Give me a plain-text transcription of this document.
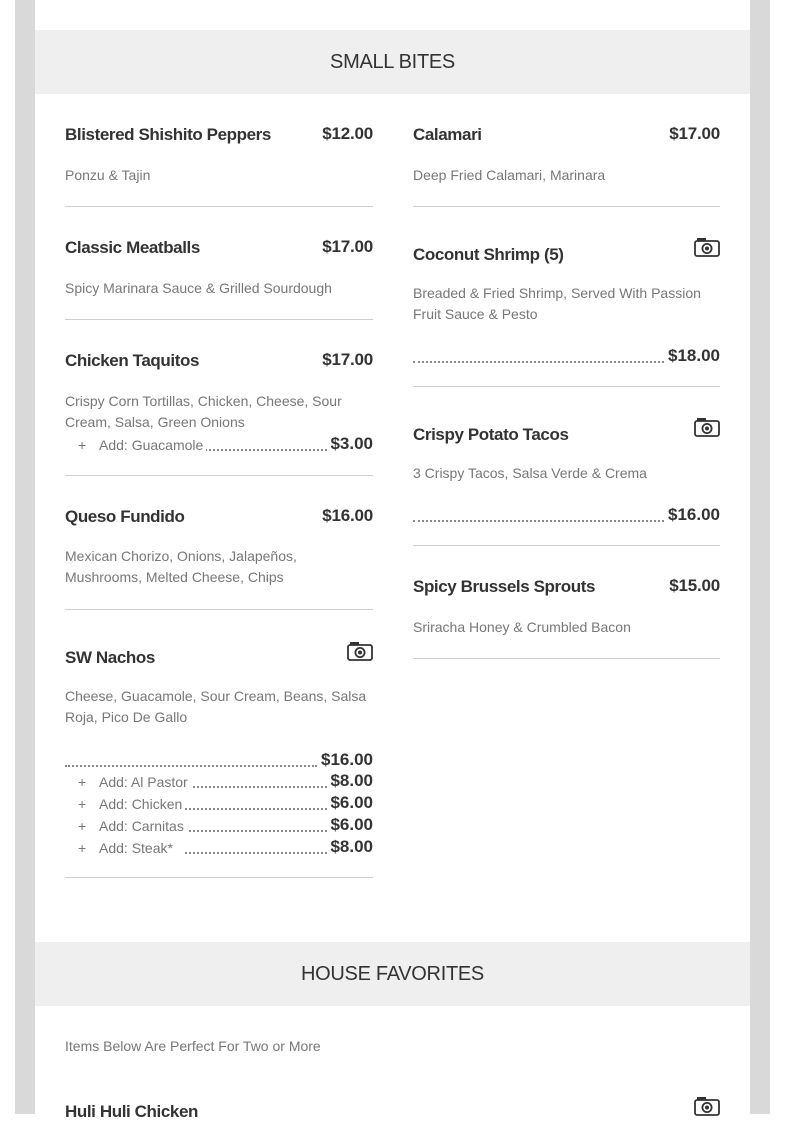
SMALL BITES
Blistered Shishito Peppers	$12.00
Ponzu & Tajin
Classic Meatballs	$17.00
Spicy Marinara Sauce & Grilled Sourdough
Chicken Taquitos	$17.00
Crispy Corn Tortillas, Chicken, Cheese, Sour Cream, Salsa, Green Onions
+ Add: Guacamole	$3.00
Queso Fundido	$16.00
Mexican Chorizo, Onions, Jalapeños, Mushrooms, Melted Cheese, Chips
SW Nachos
Cheese, Guacamole, Sour Cream, Beans, Salsa Roja, Pico De Gallo
$16.00
+ Add: Al Pastor	$8.00
+ Add: Chicken	$6.00
+ Add: Carnitas	$6.00
+ Add: Steak*	$8.00
Calamari	$17.00
Deep Fried Calamari, Marinara
Coconut Shrimp (5)
Breaded & Fried Shrimp, Served With Passion Fruit Sauce & Pesto
$18.00
Crispy Potato Tacos
3 Crispy Tacos, Salsa Verde & Crema
$16.00
Spicy Brussels Sprouts	$15.00
Sriracha Honey & Crumbled Bacon
HOUSE FAVORITES
Items Below Are Perfect For Two or More
Huli Huli Chicken
